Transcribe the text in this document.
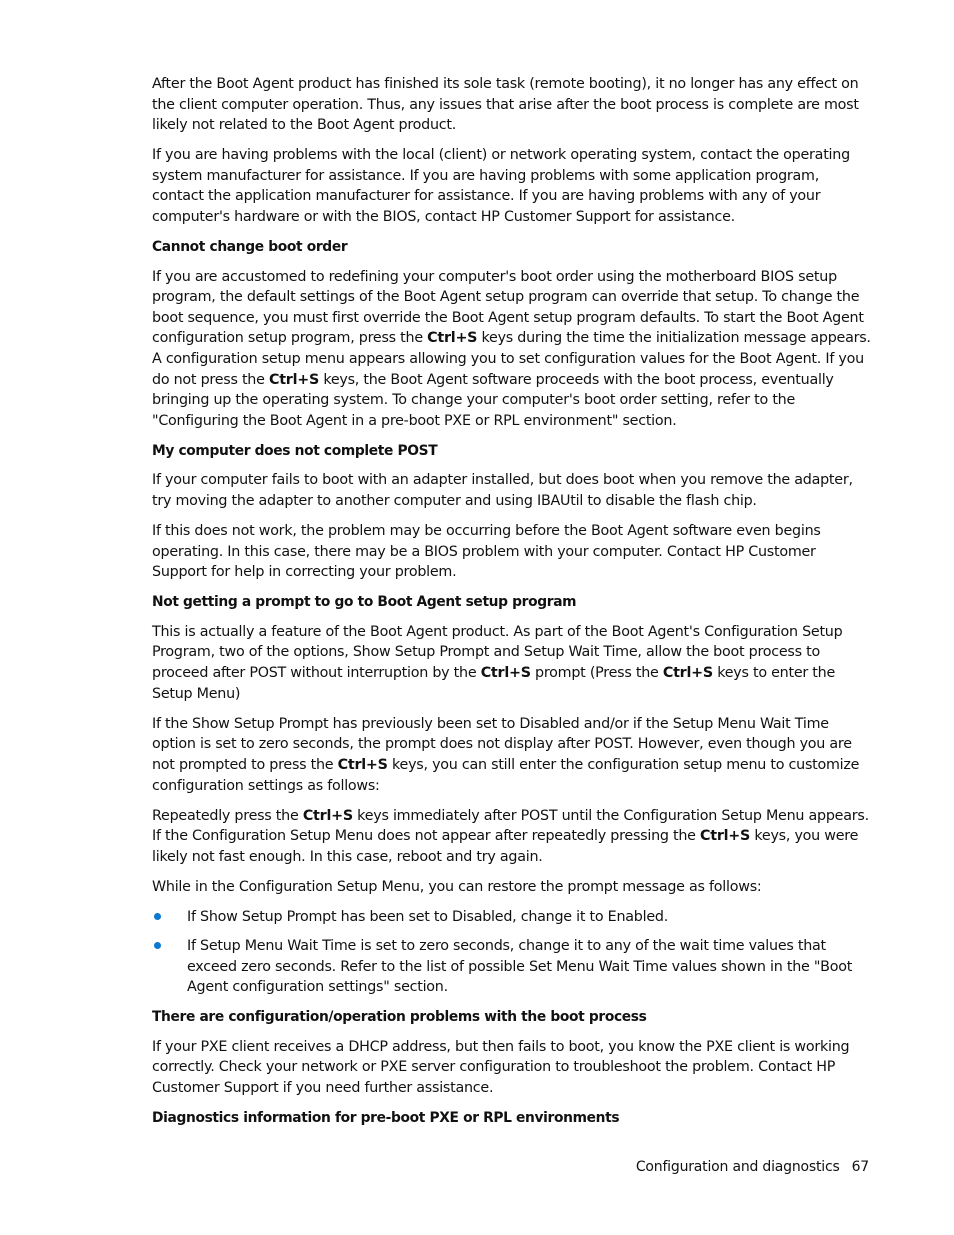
After the Boot Agent product has finished its sole task (remote booting), it no longer has any effect on the client computer operation. Thus, any issues that arise after the boot process is complete are most likely not related to the Boot Agent product.

If you are having problems with the local (client) or network operating system, contact the operating system manufacturer for assistance. If you are having problems with some application program, contact the application manufacturer for assistance. If you are having problems with any of your computer's hardware or with the BIOS, contact HP Customer Support for assistance.

Cannot change boot order

If you are accustomed to redefining your computer's boot order using the motherboard BIOS setup program, the default settings of the Boot Agent setup program can override that setup. To change the boot sequence, you must first override the Boot Agent setup program defaults. To start the Boot Agent configuration setup program, press the Ctrl+S keys during the time the initialization message appears. A configuration setup menu appears allowing you to set configuration values for the Boot Agent. If you do not press the Ctrl+S keys, the Boot Agent software proceeds with the boot process, eventually bringing up the operating system. To change your computer's boot order setting, refer to the "Configuring the Boot Agent in a pre-boot PXE or RPL environment" section.

My computer does not complete POST

If your computer fails to boot with an adapter installed, but does boot when you remove the adapter, try moving the adapter to another computer and using IBAUtil to disable the flash chip.

If this does not work, the problem may be occurring before the Boot Agent software even begins operating. In this case, there may be a BIOS problem with your computer. Contact HP Customer Support for help in correcting your problem.

Not getting a prompt to go to Boot Agent setup program

This is actually a feature of the Boot Agent product. As part of the Boot Agent's Configuration Setup Program, two of the options, Show Setup Prompt and Setup Wait Time, allow the boot process to proceed after POST without interruption by the Ctrl+S prompt (Press the Ctrl+S keys to enter the Setup Menu)

If the Show Setup Prompt has previously been set to Disabled and/or if the Setup Menu Wait Time option is set to zero seconds, the prompt does not display after POST. However, even though you are not prompted to press the Ctrl+S keys, you can still enter the configuration setup menu to customize configuration settings as follows:

Repeatedly press the Ctrl+S keys immediately after POST until the Configuration Setup Menu appears. If the Configuration Setup Menu does not appear after repeatedly pressing the Ctrl+S keys, you were likely not fast enough. In this case, reboot and try again.

While in the Configuration Setup Menu, you can restore the prompt message as follows:

If Show Setup Prompt has been set to Disabled, change it to Enabled.
If Setup Menu Wait Time is set to zero seconds, change it to any of the wait time values that exceed zero seconds. Refer to the list of possible Set Menu Wait Time values shown in the "Boot Agent configuration settings" section.
There are configuration/operation problems with the boot process

If your PXE client receives a DHCP address, but then fails to boot, you know the PXE client is working correctly. Check your network or PXE server configuration to troubleshoot the problem. Contact HP Customer Support if you need further assistance.

Diagnostics information for pre-boot PXE or RPL environments
Configuration and diagnostics 67
